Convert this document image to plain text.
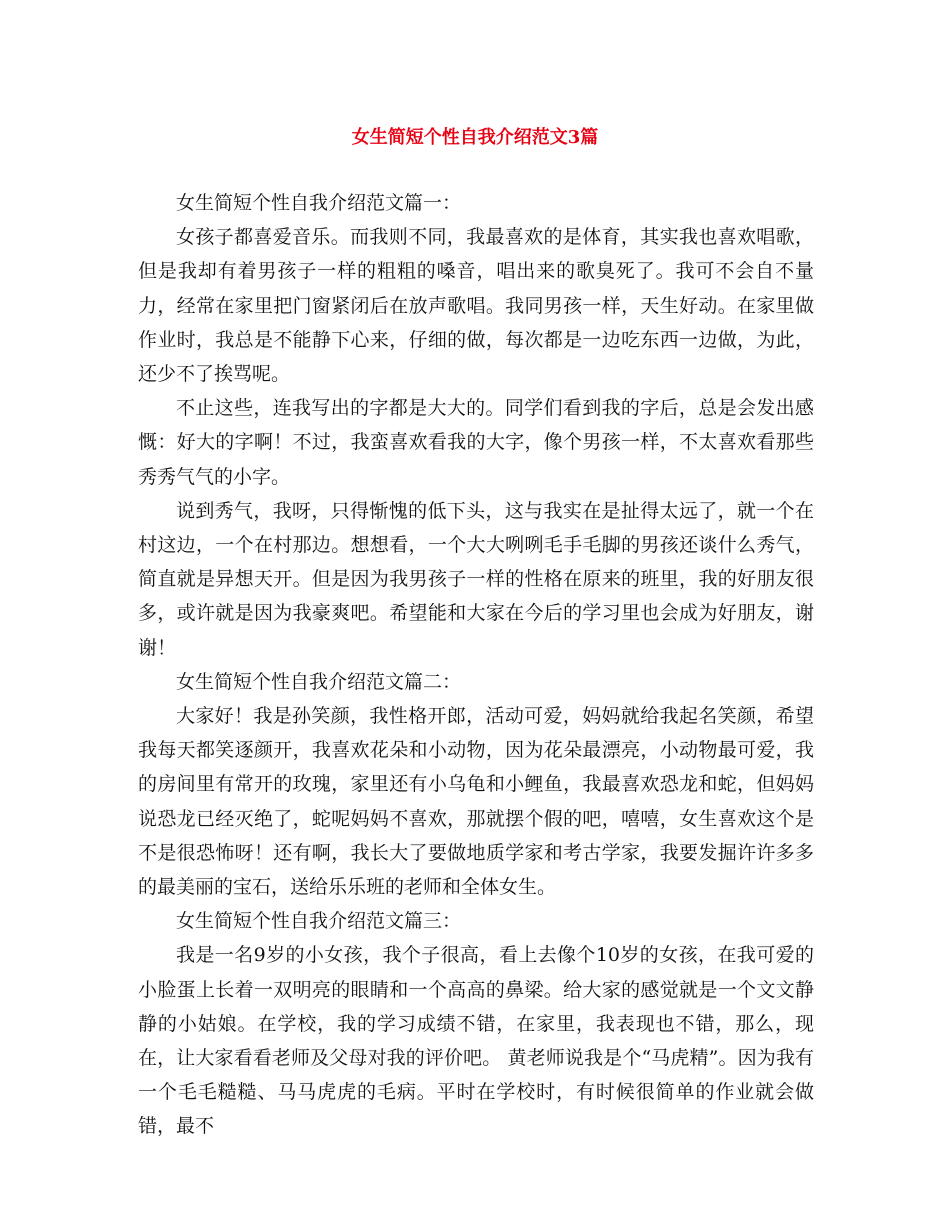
女生简短个性自我介绍范文3篇

女生简短个性自我介绍范文篇一：

女孩子都喜爱音乐。而我则不同，我最喜欢的是体育，其实我也喜欢唱歌，但是我却有着男孩子一样的粗粗的嗓音，唱出来的歌臭死了。我可不会自不量力，经常在家里把门窗紧闭后在放声歌唱。我同男孩一样，天生好动。在家里做作业时，我总是不能静下心来，仔细的做，每次都是一边吃东西一边做，为此，还少不了挨骂呢。

不止这些，连我写出的字都是大大的。同学们看到我的字后，总是会发出感慨：好大的字啊！不过，我蛮喜欢看我的大字，像个男孩一样，不太喜欢看那些秀秀气气的小字。

说到秀气，我呀，只得惭愧的低下头，这与我实在是扯得太远了，就一个在村这边，一个在村那边。想想看，一个大大咧咧毛手毛脚的男孩还谈什么秀气，简直就是异想天开。但是因为我男孩子一样的性格在原来的班里，我的好朋友很多，或许就是因为我豪爽吧。希望能和大家在今后的学习里也会成为好朋友，谢谢！

女生简短个性自我介绍范文篇二：

大家好！我是孙笑颜，我性格开郎，活动可爱，妈妈就给我起名笑颜，希望我每天都笑逐颜开，我喜欢花朵和小动物，因为花朵最漂亮，小动物最可爱，我的房间里有常开的玫瑰，家里还有小乌龟和小鲤鱼，我最喜欢恐龙和蛇，但妈妈说恐龙已经灭绝了，蛇呢妈妈不喜欢，那就摆个假的吧，嘻嘻，女生喜欢这个是不是很恐怖呀！还有啊，我长大了要做地质学家和考古学家，我要发掘许许多多的最美丽的宝石，送给乐乐班的老师和全体女生。

女生简短个性自我介绍范文篇三：

我是一名9岁的小女孩，我个子很高，看上去像个10岁的女孩，在我可爱的小脸蛋上长着一双明亮的眼睛和一个高高的鼻梁。给大家的感觉就是一个文文静静的小姑娘。在学校，我的学习成绩不错，在家里，我表现也不错，那么，现在，让大家看看老师及父母对我的评价吧。 黄老师说我是个“马虎精”。因为我有一个毛毛糙糙、马马虎虎的毛病。平时在学校时，有时候很简单的作业就会做错，最不
